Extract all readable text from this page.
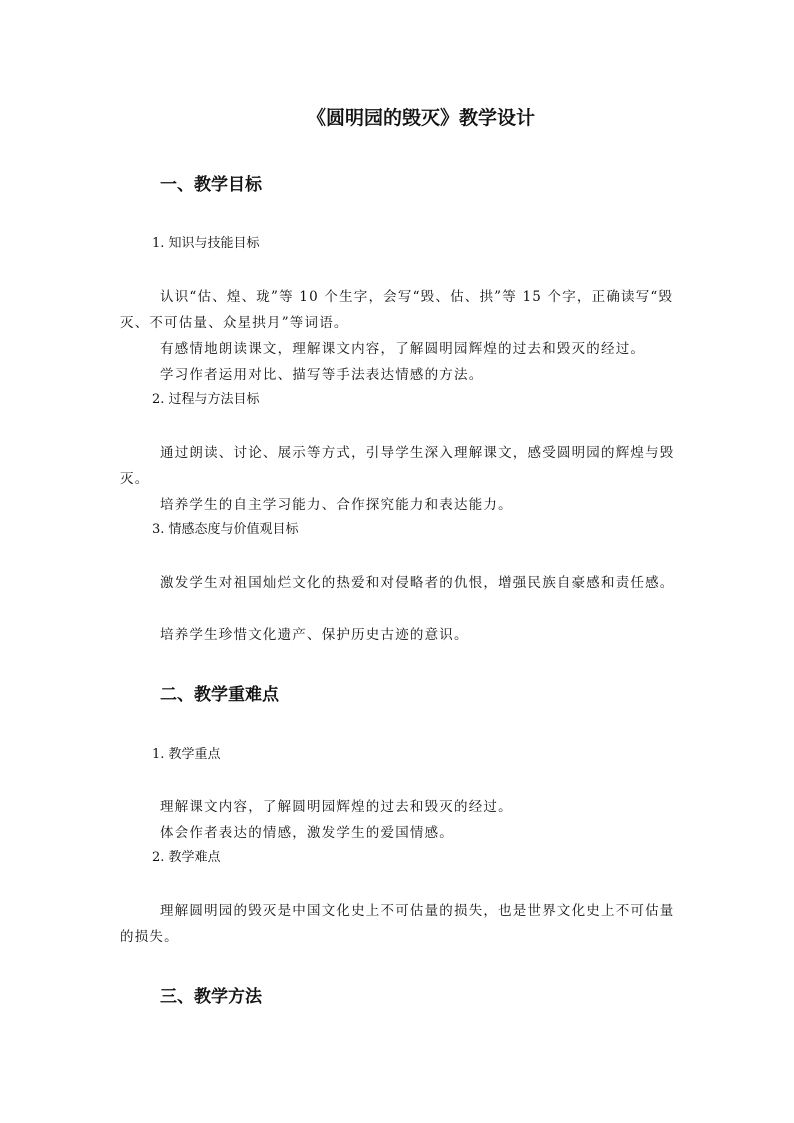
《圆明园的毁灭》教学设计
一、教学目标
1. 知识与技能目标
认识“估、煌、珑”等 10 个生字，会写“毁、估、拱”等 15 个字，正确读写“毁灭、不可估量、众星拱月”等词语。
有感情地朗读课文，理解课文内容，了解圆明园辉煌的过去和毁灭的经过。
学习作者运用对比、描写等手法表达情感的方法。
2. 过程与方法目标
通过朗读、讨论、展示等方式，引导学生深入理解课文，感受圆明园的辉煌与毁灭。
培养学生的自主学习能力、合作探究能力和表达能力。
3. 情感态度与价值观目标
激发学生对祖国灿烂文化的热爱和对侵略者的仇恨，增强民族自豪感和责任感。
培养学生珍惜文化遗产、保护历史古迹的意识。
二、教学重难点
1. 教学重点
理解课文内容，了解圆明园辉煌的过去和毁灭的经过。
体会作者表达的情感，激发学生的爱国情感。
2. 教学难点
理解圆明园的毁灭是中国文化史上不可估量的损失，也是世界文化史上不可估量的损失。
三、教学方法
